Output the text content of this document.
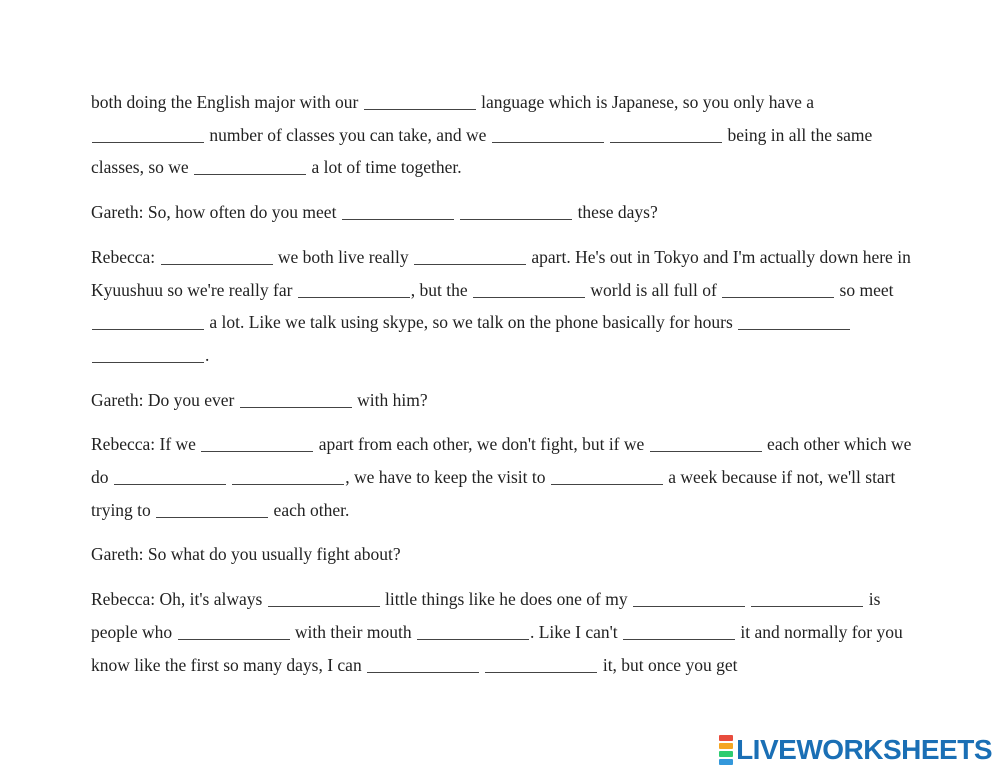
both doing the English major with our	language which is Japanese, so you only have a  number of classes you can take, and we	being in all the same classes, so we	a lot of time together.

Gareth: So, how often do you meet	these days?

Rebecca:	we both live really	apart. He's out in Tokyo and I'm actually down here in Kyuushuu so we're really far	, but the	world is all full of	so meet  a lot. Like we talk using skype, so we talk on the phone basically for hours  .

Gareth: Do you ever	with him?

Rebecca: If we	apart from each other, we don't fight, but if we	each other which we do	, we have to keep the visit to	a week because if not, we'll start trying to	each other.

Gareth: So what do you usually fight about?

Rebecca: Oh, it's always	little things like he does one of my	is people who	with their mouth	. Like I can't	it and normally for you know like the first so many days, I can	it, but once you get

LIVEWORKSHEETS
